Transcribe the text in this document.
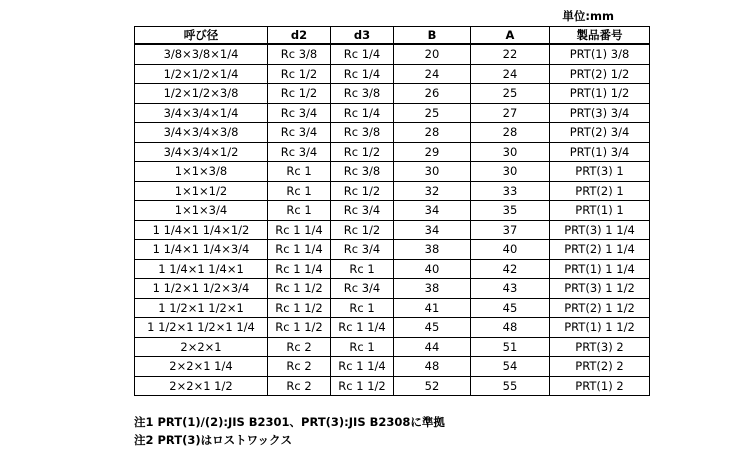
単位:mm
呼び径	d2	d3	B	A	製品番号
3/8×3/8×1/4	Rc 3/8	Rc 1/4	20	22	PRT(1) 3/8
1/2×1/2×1/4	Rc 1/2	Rc 1/4	24	24	PRT(2) 1/2
1/2×1/2×3/8	Rc 1/2	Rc 3/8	26	25	PRT(1) 1/2
3/4×3/4×1/4	Rc 3/4	Rc 1/4	25	27	PRT(3) 3/4
3/4×3/4×3/8	Rc 3/4	Rc 3/8	28	28	PRT(2) 3/4
3/4×3/4×1/2	Rc 3/4	Rc 1/2	29	30	PRT(1) 3/4
1×1×3/8	Rc 1	Rc 3/8	30	30	PRT(3) 1
1×1×1/2	Rc 1	Rc 1/2	32	33	PRT(2) 1
1×1×3/4	Rc 1	Rc 3/4	34	35	PRT(1) 1
1 1/4×1 1/4×1/2	Rc 1 1/4	Rc 1/2	34	37	PRT(3) 1 1/4
1 1/4×1 1/4×3/4	Rc 1 1/4	Rc 3/4	38	40	PRT(2) 1 1/4
1 1/4×1 1/4×1	Rc 1 1/4	Rc 1	40	42	PRT(1) 1 1/4
1 1/2×1 1/2×3/4	Rc 1 1/2	Rc 3/4	38	43	PRT(3) 1 1/2
1 1/2×1 1/2×1	Rc 1 1/2	Rc 1	41	45	PRT(2) 1 1/2
1 1/2×1 1/2×1 1/4	Rc 1 1/2	Rc 1 1/4	45	48	PRT(1) 1 1/2
2×2×1	Rc 2	Rc 1	44	51	PRT(3) 2
2×2×1 1/4	Rc 2	Rc 1 1/4	48	54	PRT(2) 2
2×2×1 1/2	Rc 2	Rc 1 1/2	52	55	PRT(1) 2
注1 PRT(1)/(2):JIS B2301、PRT(3):JIS B2308に準拠
注2 PRT(3)はロストワックス
